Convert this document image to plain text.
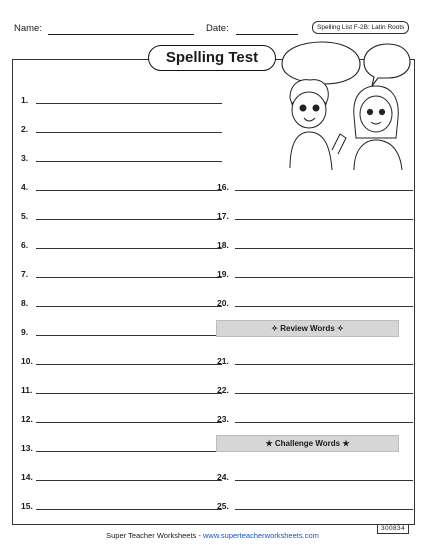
Name:	Date:	Spelling List F-2B: Latin Roots
Spelling Test
1.
2.
3.
4.
5.
6.
7.
8.
9.
10.
11.
12.
13.
14.
15.
16.
17.
18.
19.
20.
21.
22.
23.
24.
25.
✧ Review Words ✧
★ Challenge Words ★
Super Teacher Worksheets - www.superteacherworksheets.com
300834
